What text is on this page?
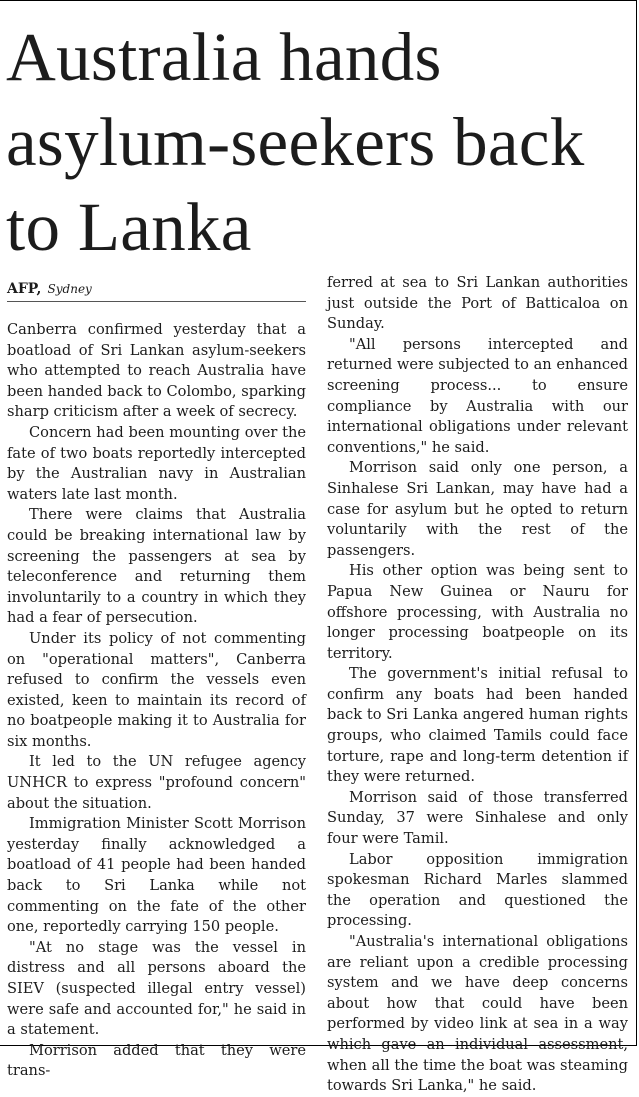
Australia hands asylum-seekers back to Lanka
AFP, Sydney

Canberra confirmed yesterday that a boatload of Sri Lankan asylum-seekers who attempted to reach Australia have been handed back to Colombo, sparking sharp criticism after a week of secrecy.

Concern had been mounting over the fate of two boats reportedly intercepted by the Australian navy in Australian waters late last month.

There were claims that Australia could be breaking international law by screening the passengers at sea by teleconference and returning them involuntarily to a country in which they had a fear of persecution.

Under its policy of not commenting on "operational matters", Canberra refused to confirm the vessels even existed, keen to maintain its record of no boatpeople making it to Australia for six months.

It led to the UN refugee agency UNHCR to express "profound concern" about the situation.

Immigration Minister Scott Morrison yesterday finally acknowledged a boatload of 41 people had been handed back to Sri Lanka while not commenting on the fate of the other one, reportedly carrying 150 people.

"At no stage was the vessel in distress and all persons aboard the SIEV (suspected illegal entry vessel) were safe and accounted for," he said in a statement.

Morrison added that they were trans-

ferred at sea to Sri Lankan authorities just outside the Port of Batticaloa on Sunday.

"All persons intercepted and returned were subjected to an enhanced screening process... to ensure compliance by Australia with our international obligations under relevant conventions," he said.

Morrison said only one person, a Sinhalese Sri Lankan, may have had a case for asylum but he opted to return voluntarily with the rest of the passengers.

His other option was being sent to Papua New Guinea or Nauru for offshore processing, with Australia no longer processing boatpeople on its territory.

The government's initial refusal to confirm any boats had been handed back to Sri Lanka angered human rights groups, who claimed Tamils could face torture, rape and long-term detention if they were returned.

Morrison said of those transferred Sunday, 37 were Sinhalese and only four were Tamil.

Labor opposition immigration spokesman Richard Marles slammed the operation and questioned the processing.

"Australia's international obligations are reliant upon a credible processing system and we have deep concerns about how that could have been performed by video link at sea in a way which gave an individual assessment, when all the time the boat was steaming towards Sri Lanka," he said.
